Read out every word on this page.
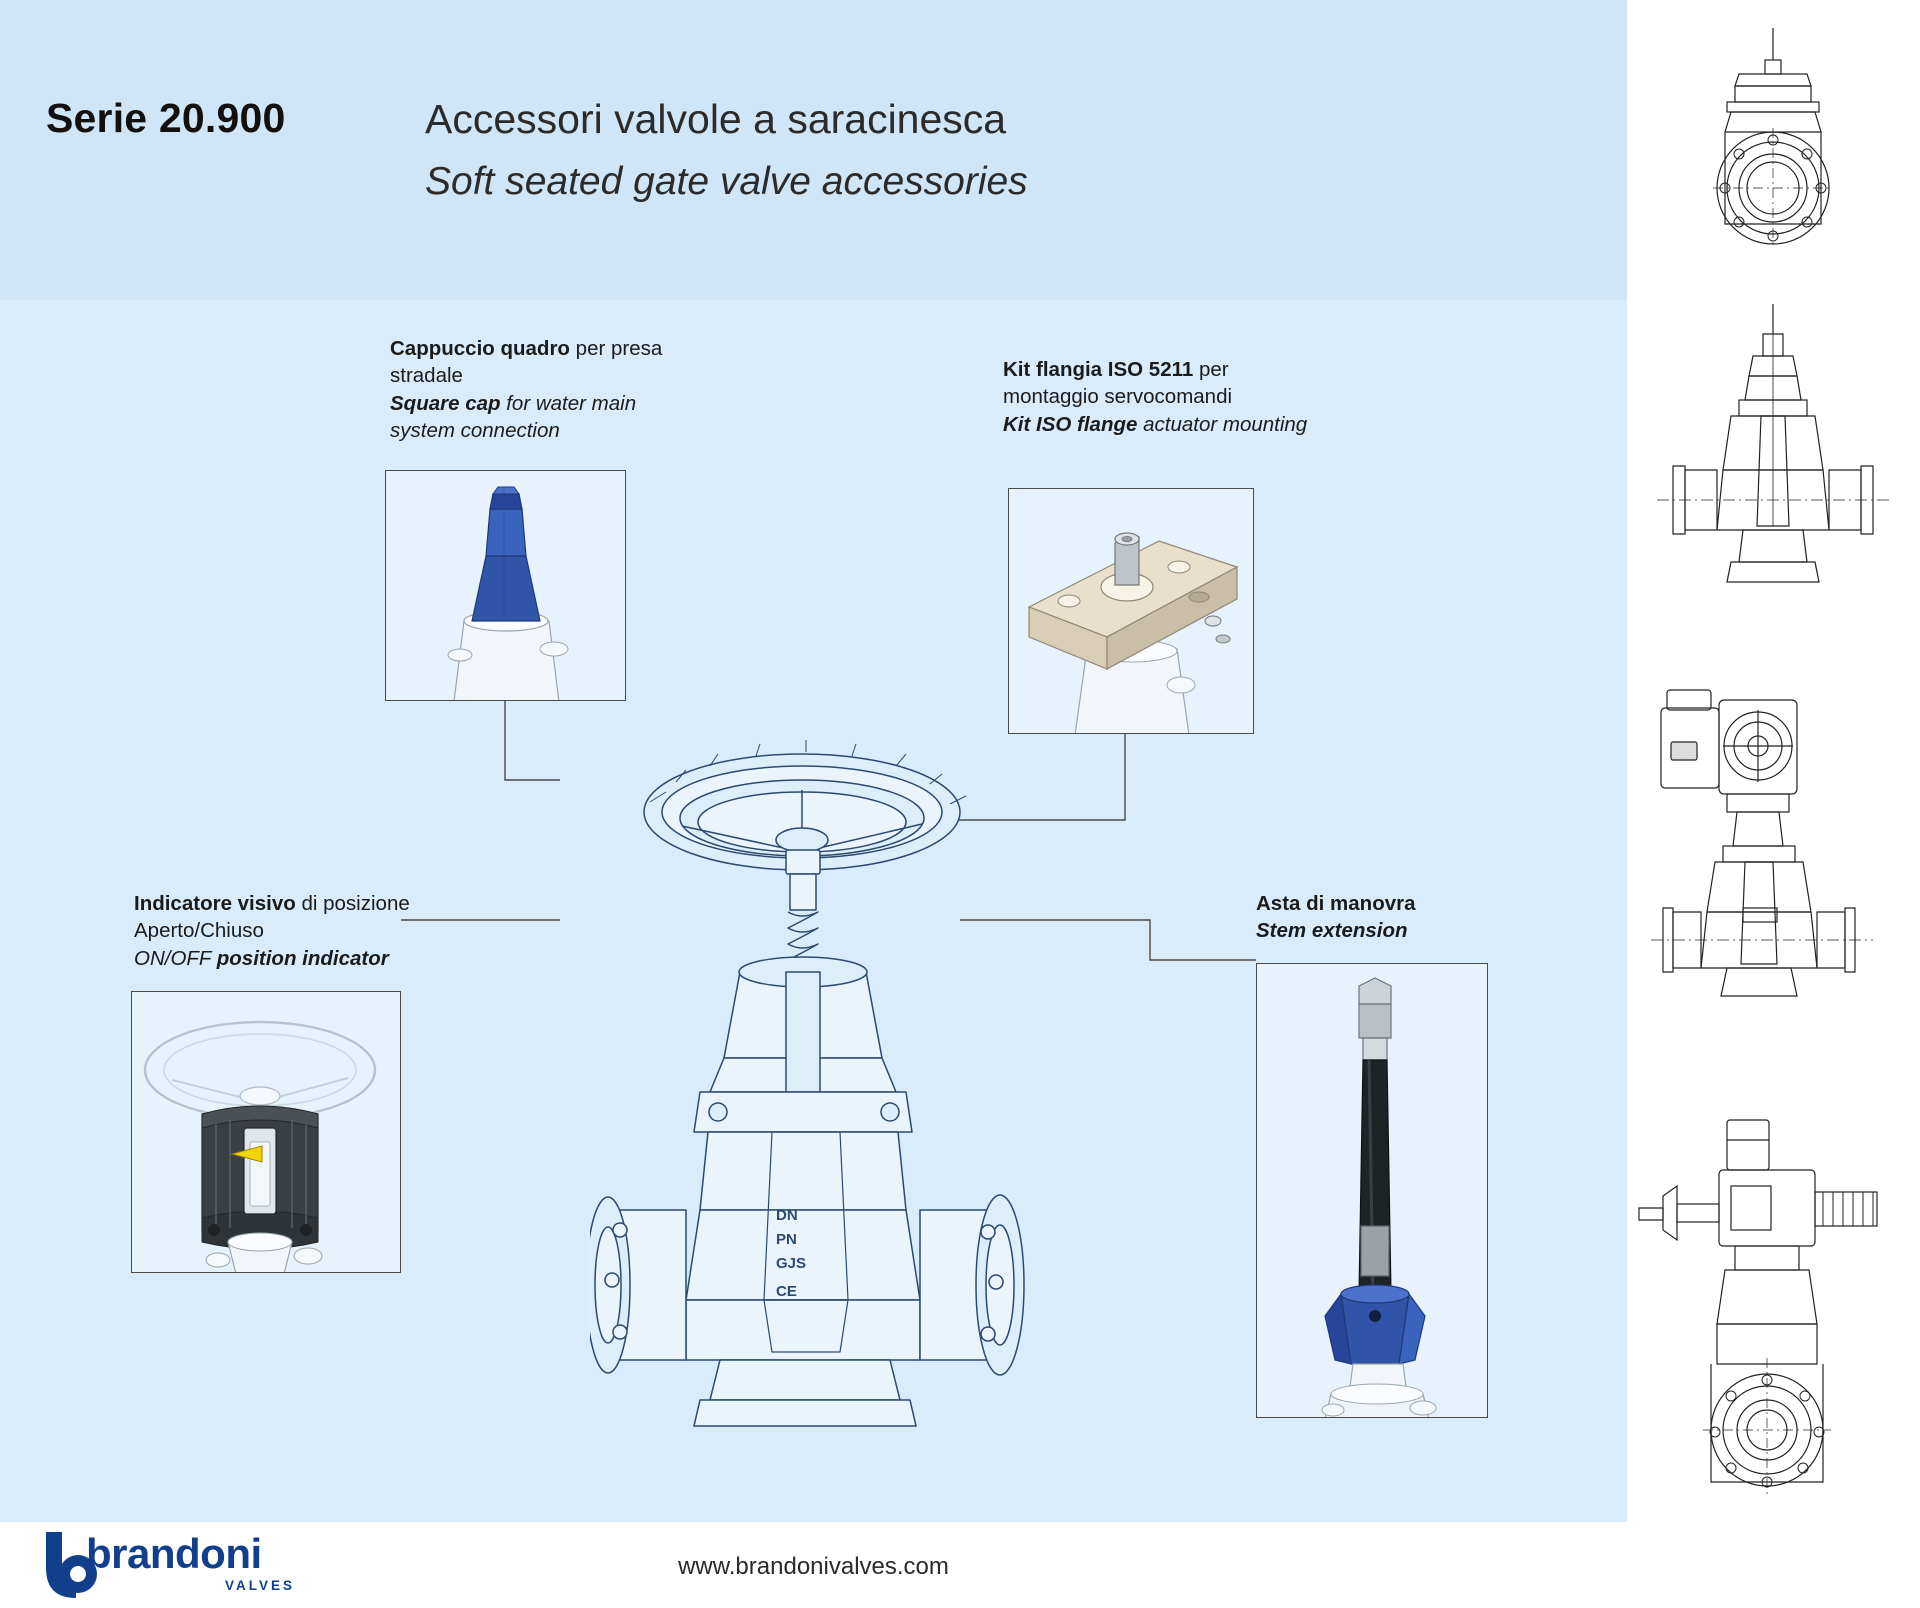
Serie 20.900	Accessori valvole a saracinesca
Soft seated gate valve accessories
Cappuccio quadro per presa stradale
Square cap for water main system connection
Kit flangia ISO 5211 per montaggio servocomandi
Kit ISO flange actuator mounting
Indicatore visivo di posizione Aperto/Chiuso
ON/OFF position indicator
Asta di manovra
Stem extension
DN
PN
GJS
CE
brandoni
VALVES
www.brandonivalves.com
